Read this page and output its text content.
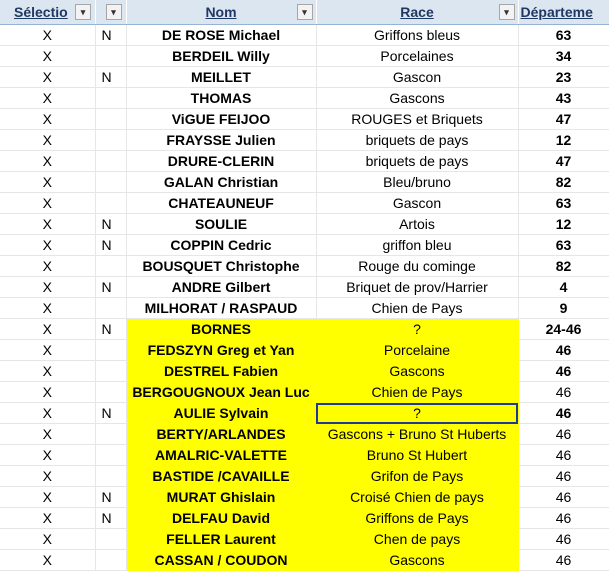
Sélectio ▾	▾	Nom ▾	Race ▾	Départeme

X	N	DE ROSE Michael	Griffons bleus	63
X		BERDEIL Willy	Porcelaines	34
X	N	MEILLET	Gascon	23
X		THOMAS	Gascons	43
X		ViGUE FEIJOO	ROUGES et Briquets	47
X		FRAYSSE Julien	briquets de pays	12
X		DRURE-CLERIN	briquets de pays	47
X		GALAN Christian	Bleu/bruno	82
X		CHATEAUNEUF	Gascon	63
X	N	SOULIE	Artois	12
X	N	COPPIN Cedric	griffon bleu	63
X		BOUSQUET Christophe	Rouge du cominge	82
X	N	ANDRE Gilbert	Briquet de prov/Harrier	4
X		MILHORAT / RASPAUD	Chien de Pays	9
X	N	BORNES	?	24-46
X		FEDSZYN Greg et Yan	Porcelaine	46
X		DESTREL Fabien	Gascons	46
X		BERGOUGNOUX Jean Luc	Chien de Pays	46
X	N	AULIE Sylvain	?	46
X		BERTY/ARLANDES	Gascons + Bruno St Huberts	46
X		AMALRIC-VALETTE	Bruno St Hubert	46
X		BASTIDE /CAVAILLE	Grifon de Pays	46
X	N	MURAT Ghislain	Croisé Chien de pays	46
X	N	DELFAU David	Griffons de Pays	46
X		FELLER Laurent	Chen de pays	46
X		CASSAN / COUDON	Gascons	46
